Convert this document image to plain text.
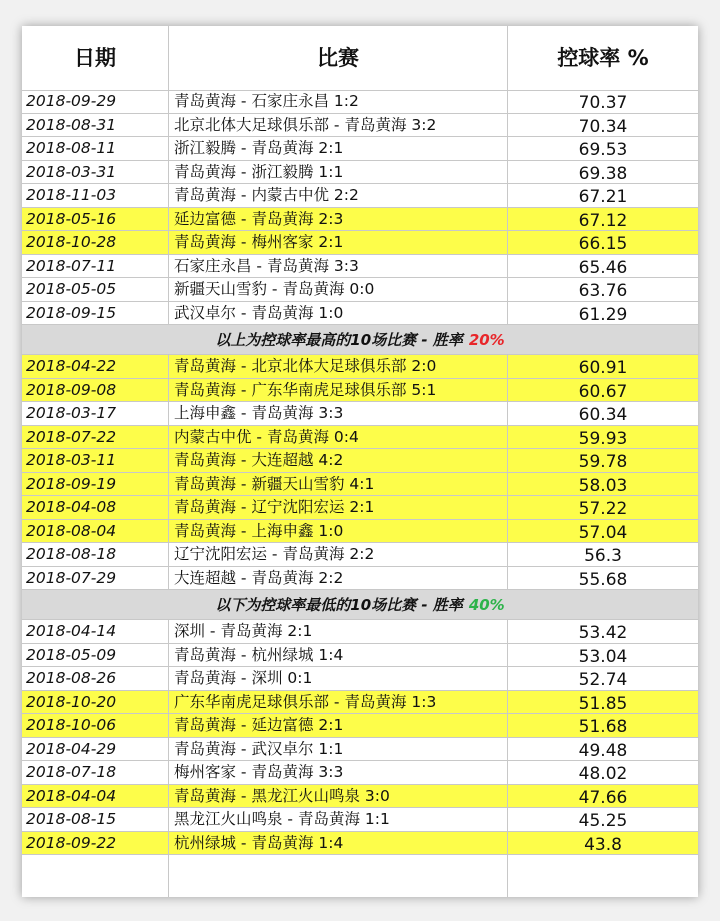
日期	比赛	控球率 %
2018-09-29	青岛黄海 - 石家庄永昌 1:2	70.37
2018-08-31	北京北体大足球俱乐部 - 青岛黄海 3:2	70.34
2018-08-11	浙江毅腾 - 青岛黄海 2:1	69.53
2018-03-31	青岛黄海 - 浙江毅腾 1:1	69.38
2018-11-03	青岛黄海 - 内蒙古中优 2:2	67.21
2018-05-16	延边富德 - 青岛黄海 2:3	67.12
2018-10-28	青岛黄海 - 梅州客家 2:1	66.15
2018-07-11	石家庄永昌 - 青岛黄海 3:3	65.46
2018-05-05	新疆天山雪豹 - 青岛黄海 0:0	63.76
2018-09-15	武汉卓尔 - 青岛黄海 1:0	61.29
以上为控球率最高的10场比赛 - 胜率 20%
2018-04-22	青岛黄海 - 北京北体大足球俱乐部 2:0	60.91
2018-09-08	青岛黄海 - 广东华南虎足球俱乐部 5:1	60.67
2018-03-17	上海申鑫 - 青岛黄海 3:3	60.34
2018-07-22	内蒙古中优 - 青岛黄海 0:4	59.93
2018-03-11	青岛黄海 - 大连超越 4:2	59.78
2018-09-19	青岛黄海 - 新疆天山雪豹 4:1	58.03
2018-04-08	青岛黄海 - 辽宁沈阳宏运 2:1	57.22
2018-08-04	青岛黄海 - 上海申鑫 1:0	57.04
2018-08-18	辽宁沈阳宏运 - 青岛黄海 2:2	56.3
2018-07-29	大连超越 - 青岛黄海 2:2	55.68
以下为控球率最低的10场比赛 - 胜率 40%
2018-04-14	深圳 - 青岛黄海 2:1	53.42
2018-05-09	青岛黄海 - 杭州绿城 1:4	53.04
2018-08-26	青岛黄海 - 深圳 0:1	52.74
2018-10-20	广东华南虎足球俱乐部 - 青岛黄海 1:3	51.85
2018-10-06	青岛黄海 - 延边富德 2:1	51.68
2018-04-29	青岛黄海 - 武汉卓尔 1:1	49.48
2018-07-18	梅州客家 - 青岛黄海 3:3	48.02
2018-04-04	青岛黄海 - 黑龙江火山鸣泉 3:0	47.66
2018-08-15	黑龙江火山鸣泉 - 青岛黄海 1:1	45.25
2018-09-22	杭州绿城 - 青岛黄海 1:4	43.8
